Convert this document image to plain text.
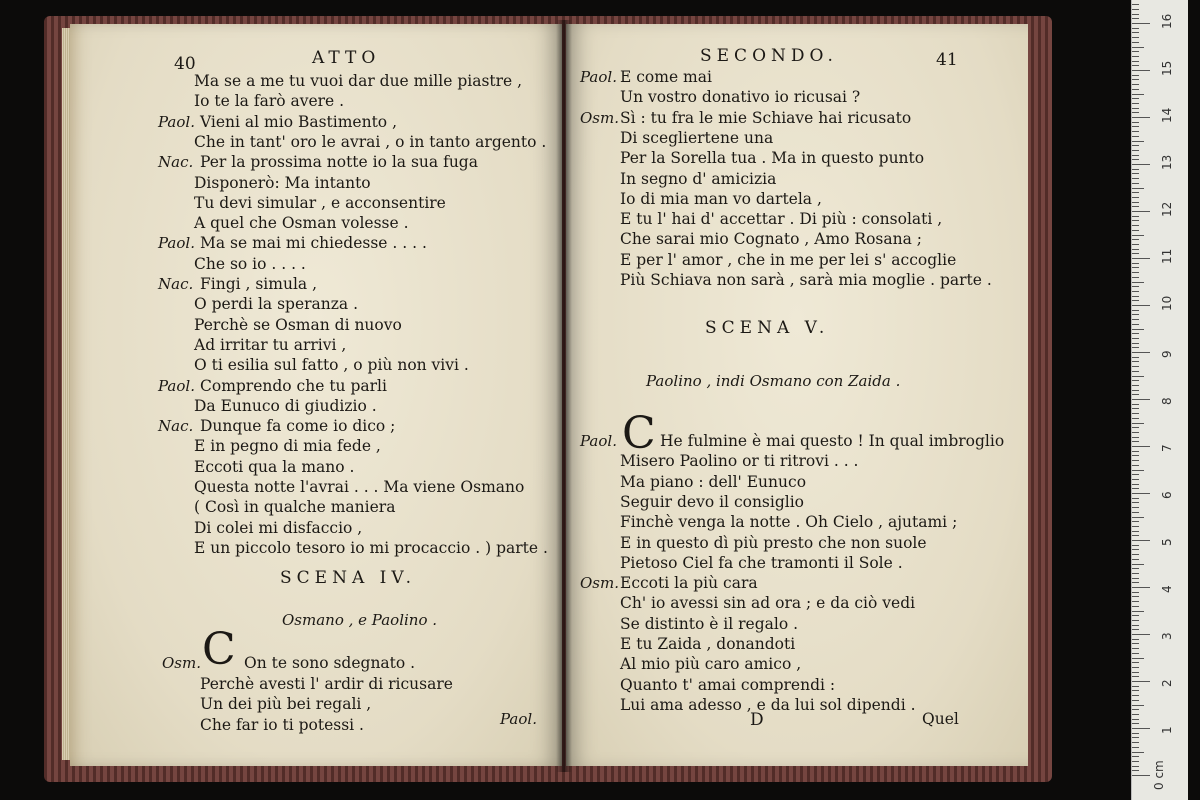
40	ATTO
Ma se a me tu vuoi dar due mille piastre ,
Io te la farò avere .
Paol. Vieni al mio Bastimento ,
Che in tant' oro le avrai , o in tanto argento .
Nac. Per la prossima notte io la sua fuga
Disponerò: Ma intanto
Tu devi simular , e acconsentire
A quel che Osman volesse .
Paol. Ma se mai mi chiedesse . . . .
Che so io . . . .
Nac. Fingi , simula ,
O perdi la speranza .
Perchè se Osman di nuovo
Ad irritar tu arrivi ,
O ti esilia sul fatto , o più non vivi .
Paol. Comprendo che tu parli
Da Eunuco di giudizio .
Nac. Dunque fa come io dico ;
E in pegno di mia fede ,
Eccoti qua la mano .
Questa notte l'avrai . . . Ma viene Osmano
( Così in qualche maniera
Di colei mi disfaccio ,
E un piccolo tesoro io mi procaccio . ) parte .
SCENA IV.
Osmano , e Paolino .
C
Osm.	On te sono sdegnato .
Perchè avesti l' ardir di ricusare
Un dei più bei regali ,
Che far io ti potessi .	Paol.
SECONDO.	41
Paol. E come mai
Un vostro donativo io ricusai ?
Osm. Sì : tu fra le mie Schiave hai ricusato
Di scegliertene una
Per la Sorella tua . Ma in questo punto
In segno d' amicizia
Io di mia man vo dartela ,
E tu l' hai d' accettar . Di più : consolati ,
Che sarai mio Cognato , Amo Rosana ;
E per l' amor , che in me per lei s' accoglie
Più Schiava non sarà , sarà mia moglie . parte .
SCENA V.
Paolino , indi Osmano con Zaida .
C
Paol.	He fulmine è mai questo ! In qual imbroglio
Misero Paolino or ti ritrovi . . .
Ma piano : dell' Eunuco
Seguir devo il consiglio
Finchè venga la notte . Oh Cielo , ajutami ;
E in questo dì più presto che non suole
Pietoso Ciel fa che tramonti il Sole .
Osm. Eccoti la più cara
Ch' io avessi sin ad ora ; e da ciò vedi
Se distinto è il regalo .
E tu Zaida , donandoti
Al mio più caro amico ,
Quanto t' amai comprendi :
Lui ama adesso , e da lui sol dipendi .
D	Quel
1
2
3
4
5
6
7
8
9
10
11
12
13
14
15
16
0 cm
